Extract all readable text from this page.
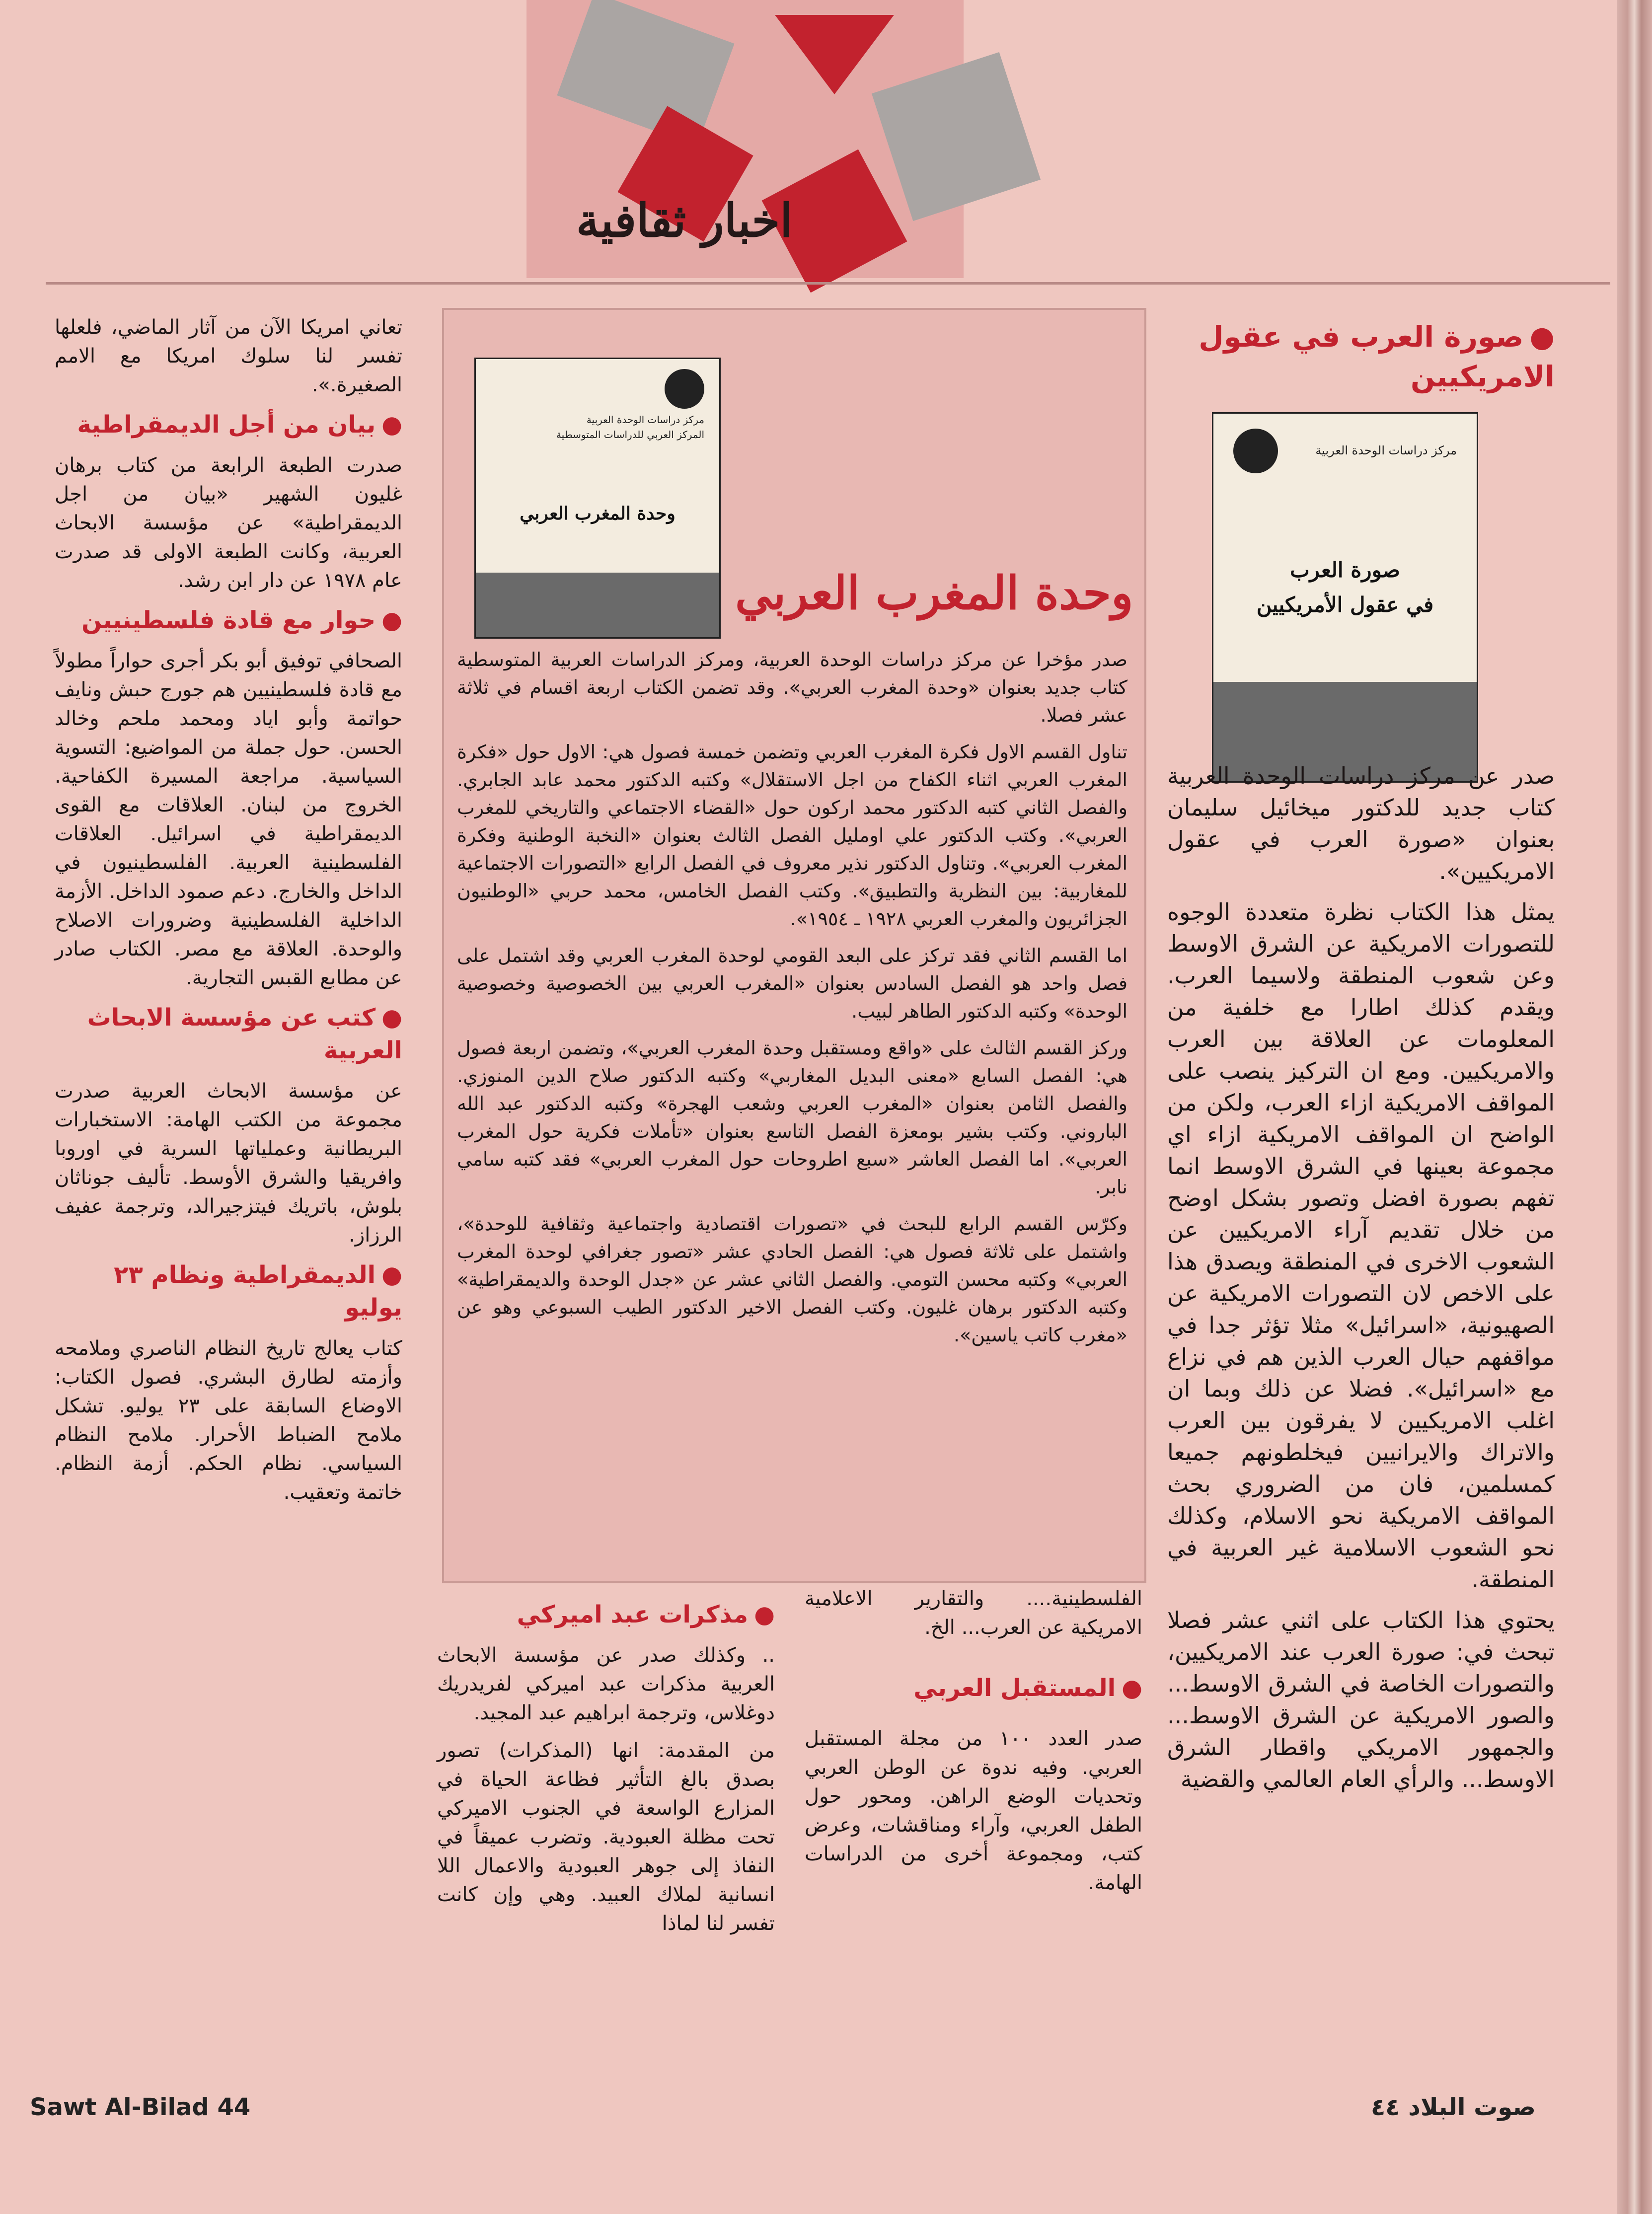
اخبار ثقافية
●صورة العرب في عقول
الامريكيين
مركز دراسات الوحدة العربية
صورة العرب
في عقول الأمريكيين

صدر عن مركز دراسات الوحدة العربية كتاب جديد للدكتور ميخائيل سليمان بعنوان «صورة العرب في عقول الامريكيين».

يمثل هذا الكتاب نظرة متعددة الوجوه للتصورات الامريكية عن الشرق الاوسط وعن شعوب المنطقة ولاسيما العرب. ويقدم كذلك اطارا مع خلفية من المعلومات عن العلاقة بين العرب والامريكيين. ومع ان التركيز ينصب على المواقف الامريكية ازاء العرب، ولكن من الواضح ان المواقف الامريكية ازاء اي مجموعة بعينها في الشرق الاوسط انما تفهم بصورة افضل وتصور بشكل اوضح من خلال تقديم آراء الامريكيين عن الشعوب الاخرى في المنطقة ويصدق هذا على الاخص لان التصورات الامريكية عن الصهيونية، «اسرائيل» مثلا تؤثر جدا في مواقفهم حيال العرب الذين هم في نزاع مع «اسرائيل». فضلا عن ذلك وبما ان اغلب الامريكيين لا يفرقون بين العرب والاتراك والايرانيين فيخلطونهم جميعا كمسلمين، فان من الضروري بحث المواقف الامريكية نحو الاسلام، وكذلك نحو الشعوب الاسلامية غير العربية في المنطقة.

يحتوي هذا الكتاب على اثني عشر فصلا تبحث في: صورة العرب عند الامريكيين، والتصورات الخاصة في الشرق الاوسط... والصور الامريكية عن الشرق الاوسط... والجمهور الامريكي واقطار الشرق الاوسط... والرأي العام العالمي والقضية

مركز دراسات الوحدة العربية
المركز العربي للدراسات المتوسطية
وحدة المغرب العربي
وحدة المغرب العربي

صدر مؤخرا عن مركز دراسات الوحدة العربية، ومركز الدراسات العربية المتوسطية كتاب جديد بعنوان «وحدة المغرب العربي». وقد تضمن الكتاب اربعة اقسام في ثلاثة عشر فصلا.

تناول القسم الاول فكرة المغرب العربي وتضمن خمسة فصول هي: الاول حول «فكرة المغرب العربي اثناء الكفاح من اجل الاستقلال» وكتبه الدكتور محمد عابد الجابري. والفصل الثاني كتبه الدكتور محمد اركون حول «القضاء الاجتماعي والتاريخي للمغرب العربي». وكتب الدكتور علي اومليل الفصل الثالث بعنوان «النخبة الوطنية وفكرة المغرب العربي». وتناول الدكتور نذير معروف في الفصل الرابع «التصورات الاجتماعية للمغاربية: بين النظرية والتطبيق». وكتب الفصل الخامس، محمد حربي «الوطنيون الجزائريون والمغرب العربي ١٩٢٨ ـ ١٩٥٤».

اما القسم الثاني فقد تركز على البعد القومي لوحدة المغرب العربي وقد اشتمل على فصل واحد هو الفصل السادس بعنوان «المغرب العربي بين الخصوصية وخصوصية الوحدة» وكتبه الدكتور الطاهر لبيب.

وركز القسم الثالث على «واقع ومستقبل وحدة المغرب العربي»، وتضمن اربعة فصول هي: الفصل السابع «معنى البديل المغاربي» وكتبه الدكتور صلاح الدين المنوزي. والفصل الثامن بعنوان «المغرب العربي وشعب الهجرة» وكتبه الدكتور عبد الله الباروني. وكتب بشير بومعزة الفصل التاسع بعنوان «تأملات فكرية حول المغرب العربي». اما الفصل العاشر «سبع اطروحات حول المغرب العربي» فقد كتبه سامي نابر.

وكرّس القسم الرابع للبحث في «تصورات اقتصادية واجتماعية وثقافية للوحدة»، واشتمل على ثلاثة فصول هي: الفصل الحادي عشر «تصور جغرافي لوحدة المغرب العربي» وكتبه محسن التومي. والفصل الثاني عشر عن «جدل الوحدة والديمقراطية» وكتبه الدكتور برهان غليون. وكتب الفصل الاخير الدكتور الطيب السبوعي وهو عن «مغرب كاتب ياسين».

تعاني امريكا الآن من آثار الماضي، فلعلها تفسر لنا سلوك امريكا مع الامم الصغيرة.».

●بيان من أجل الديمقراطية

صدرت الطبعة الرابعة من كتاب برهان غليون الشهير «بيان من اجل الديمقراطية» عن مؤسسة الابحاث العربية، وكانت الطبعة الاولى قد صدرت عام ١٩٧٨ عن دار ابن رشد.

●حوار مع قادة فلسطينيين

الصحافي توفيق أبو بكر أجرى حواراً مطولاً مع قادة فلسطينيين هم جورج حبش ونايف حواتمة وأبو اياد ومحمد ملحم وخالد الحسن. حول جملة من المواضيع: التسوية السياسية. مراجعة المسيرة الكفاحية. الخروج من لبنان. العلاقات مع القوى الديمقراطية في اسرائيل. العلاقات الفلسطينية العربية. الفلسطينيون في الداخل والخارج. دعم صمود الداخل. الأزمة الداخلية الفلسطينية وضرورات الاصلاح والوحدة. العلاقة مع مصر. الكتاب صادر عن مطابع القبس التجارية.

●كتب عن مؤسسة الابحاث العربية

عن مؤسسة الابحاث العربية صدرت مجموعة من الكتب الهامة: الاستخبارات البريطانية وعملياتها السرية في اوروبا وافريقيا والشرق الأوسط. تأليف جوناثان بلوش، باتريك فيتزجيرالد، وترجمة عفيف الرزاز.

●الديمقراطية ونظام ٢٣ يوليو

كتاب يعالج تاريخ النظام الناصري وملامحه وأزمته لطارق البشري. فصول الكتاب: الاوضاع السابقة على ٢٣ يوليو. تشكل ملامح الضباط الأحرار. ملامح النظام السياسي. نظام الحكم. أزمة النظام. خاتمة وتعقيب.

الفلسطينية.... والتقارير الاعلامية الامريكية عن العرب... الخ.

●المستقبل العربي

صدر العدد ١٠٠ من مجلة المستقبل العربي. وفيه ندوة عن الوطن العربي وتحديات الوضع الراهن. ومحور حول الطفل العربي، وآراء ومناقشات، وعرض كتب، ومجموعة أخرى من الدراسات الهامة.

●مذكرات عبد اميركي

.. وكذلك صدر عن مؤسسة الابحاث العربية مذكرات عبد اميركي لفريدريك دوغلاس، وترجمة ابراهيم عبد المجيد.

من المقدمة: انها (المذكرات) تصور بصدق بالغ التأثير فظاعة الحياة في المزارع الواسعة في الجنوب الاميركي تحت مظلة العبودية. وتضرب عميقاً في النفاذ إلى جوهر العبودية والاعمال اللا انسانية لملاك العبيد. وهي وإن كانت تفسر لنا لماذا

Sawt Al-Bilad 44	صوت البلاد ٤٤
